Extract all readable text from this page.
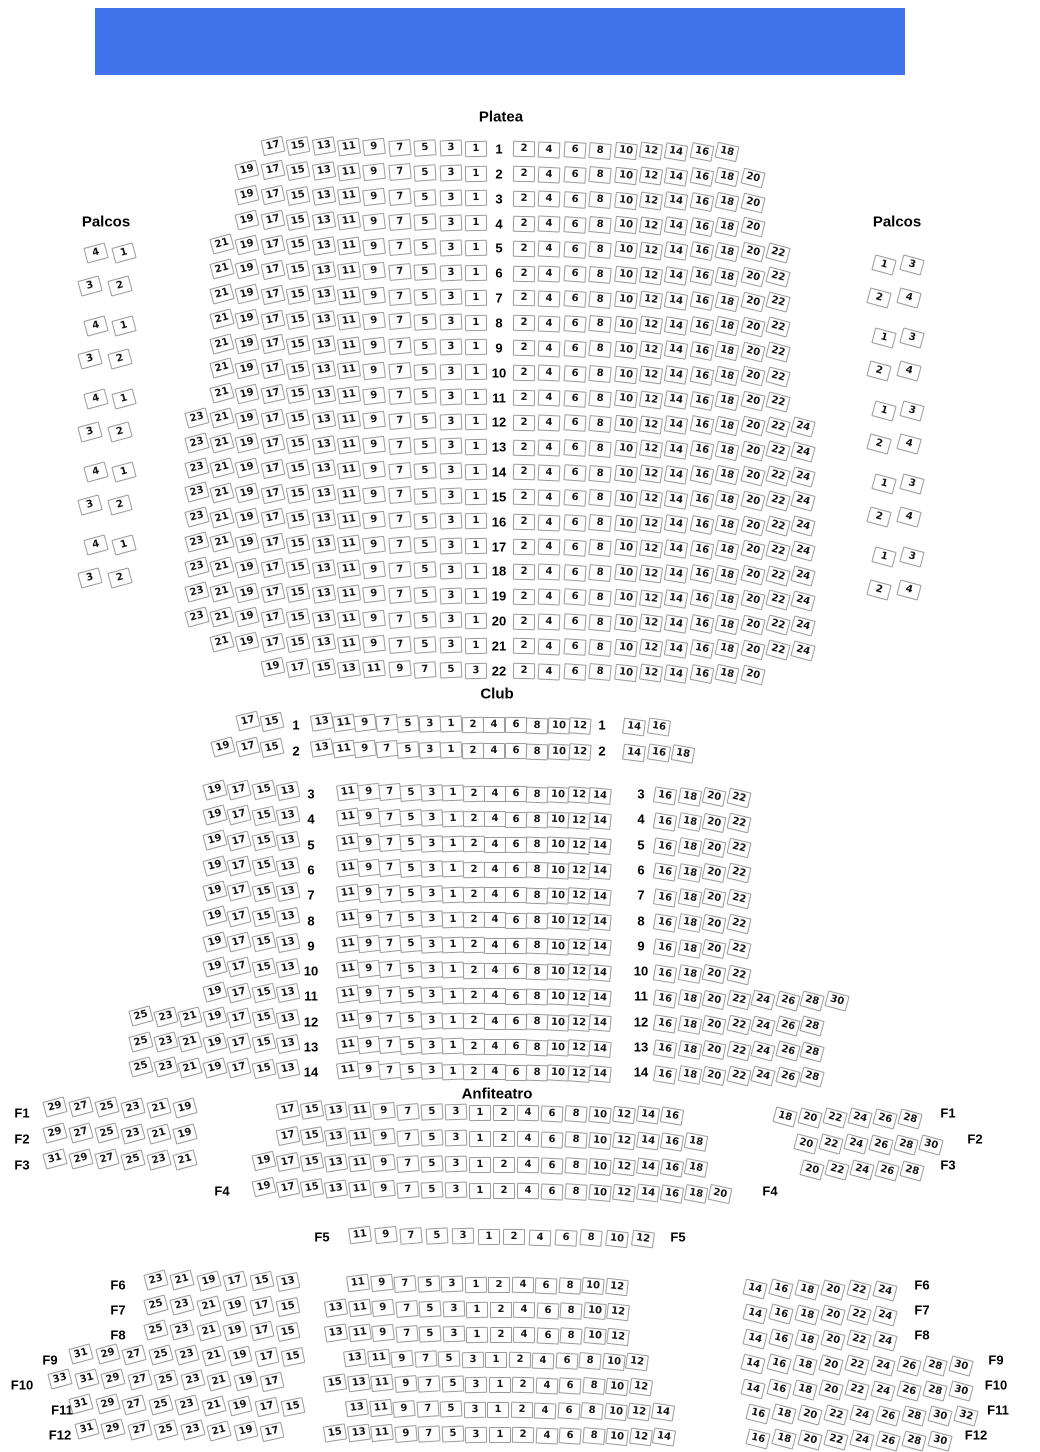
Platea
Palcos	Palcos
Club
Anfiteatro
17 15 13 11	9	7	5	3	1	2	4	6	8	10	12 14 16 18
1
19 17 15 13 11	9	7	5	3	1	2	4	6	8	10	12 14 16 18 20
2
19 17 15 13 11	9	7	5	3	1	2	4	6	8	10	12 14 16 18 20
3
19 17 15 13 11	9	7	5	3	1	2	4	6	8	10	12 14 16 18 20
4
21 19 17 15 13 11	9	7	5	3	1	2	4	6	8	10	12 14 16 18 20 22
5
21 19 17 15 13 11	9	7	5	3	1	2	4	6	8	10	12 14 16 18 20 22
6
21 19 17 15 13 11	9	7	5	3	1	2	4	6	8	10	12 14 16 18 20 22
7
21 19 17 15 13 11	9	7	5	3	1	2	4	6	8	10	12 14 16 18 20 22
8
21 19 17 15 13 11	9	7	5	3	1	2	4	6	8	10	12 14 16 18 20 22
9
21 19 17 15 13 11	9	7	5	3	1	2	4	6	8	10	12 14 16 18 20 22
10
21 19 17 15 13 11	9	7	5	3	1	2	4	6	8	10	12 14 16 18 20 22
11
23 21 19 17 15 13 11	9	7	5	3	1	2	4	6	8	10	12 14 16 18 20 22 24
12
23 21 19 17 15 13 11	9	7	5	3	1	2	4	6	8	10	12 14 16 18 20 22 24
13
23 21 19 17 15 13 11	9	7	5	3	1	2	4	6	8	10	12 14 16 18 20 22 24
14
23 21 19 17 15 13 11	9	7	5	3	1	2	4	6	8	10	12 14 16 18 20 22 24
15
23 21 19 17 15 13 11	9	7	5	3	1	2	4	6	8	10	12 14 16 18 20 22 24
16
23 21 19 17 15 13 11	9	7	5	3	1	2	4	6	8	10	12 14 16 18 20 22 24
17
23 21 19 17 15 13 11	9	7	5	3	1	2	4	6	8	10	12 14 16 18 20 22 24
18
23 21 19 17 15 13 11	9	7	5	3	1	2	4	6	8	10	12 14 16 18 20 22 24
19
23 21 19 17 15 13 11	9	7	5	3	1	2	4	6	8	10	12 14 16 18 20 22 24
20
21 19 17 15 13 11	9	7	5	3	1	2	4	6	8	10	12 14 16 18 20 22 24
21
19 17 15 13	11	9	7	5	3	2	4	6	8	10	12 14 16 18 20
22
4	1
3	2
4	1
3	2
4	1
3	2
4	1
3	2
4	1
3	2
1	3
2	4
1	3
2	4
1	3
2	4
1	3
2	4
1	3
2	4
17 15	13 11 9	7	5	3	1	2	4	6	8	10 12	14 16
1	1
19 17 15	13 11 9	7	5	3	1	2	4	6	8	10 12	14 16 18
2	2
19 17 15 13	11 9	7	5	3	1	2	4	6	8	10 12 14	16 18 20 22
3	3
19 17 15 13	11 9	7	5	3	1	2	4	6	8	10 12 14	16 18 20 22
4	4
19 17 15 13	11 9	7	5	3	1	2	4	6	8	10 12 14	16 18 20 22
5	5
19 17 15 13	11 9	7	5	3	1	2	4	6	8	10 12 14	16 18 20 22
6	6
19 17 15 13	11 9	7	5	3	1	2	4	6	8	10 12 14	16 18 20 22
7	7
19 17 15 13	11 9	7	5	3	1	2	4	6	8	10 12 14	16 18 20 22
8	8
19 17 15 13	11 9	7	5	3	1	2	4	6	8	10 12 14	16 18 20 22
9	9
19 17 15 13	11 9	7	5	3	1	2	4	6	8	10 12 14	16 18 20 22
10	10
19 17 15 13	11 9	7	5	3	1	2	4	6	8	10 12 14	16 18 20 22 24 26 28 30
11	11
25 23 21 19 17 15 13	11 9	7	5	3	1	2	4	6	8	10 12 14	16 18 20 22 24 26 28
12	12
25 23 21 19 17 15 13	11 9	7	5	3	1	2	4	6	8	10 12 14	16 18 20 22 24 26 28
13	13
25 23 21 19 17 15 13	11 9	7	5	3	1	2	4	6	8	10 12 14	16 18 20 22 24 26 28
14	14
29 27 25 23 21 19	17 15 13 11	9	7	5	3	1	2	4	6	8	10 12 14 16	18 20 22 24 26 28
F1	F1
29 27 25 23 21 19	17 15 13 11	9	7	5	3	1	2	4	6	8	10 12 14 16 18	20 22 24 26 28 30
F2	F2
31 29 27 25 23 21	19 17 15 13 11	9	7	5	3	1	2	4	6	8	10 12 14 16 18	20 22 24 26 28
F3	F3
19 17 15 13 11	9	7	5	3	1	2	4	6	8	10 12 14 16 18 20
F4	F4
11	9	7	5	3	1	2	4	6	8	10	12
F5	F5
23	21	19	17	15	13	11	9	7	5	3	1	2	4	6	8	10 12	14 16 18 20 22 24
F6	F6
25	23	21	19	17	15	13 11	9	7	5	3	1	2	4	6	8	10 12	14 16 18 20 22 24
F7	F7
25	23	21	19	17	15	13 11	9	7	5	3	1	2	4	6	8	10 12	14 16 18 20 22 24
F8	F8
31	29	27	25	23	21	19	17	15	13 11	9	7	5	3	1	2	4	6	8	10 12	14 16 18 20 22 24 26 28 30
F9	F9
33	31	29	27	25	23	21	19	17	15 13 11	9	7	5	3	1	2	4	6	8	10 12	14 16 18 20 22 24 26 28 30
F10	F10
31	29	27	25	23	21	19	17	15	13 11	9	7	5	3	1	2	4	6	8	10 12 14	16 18 20 22 24 26 28 30 32
F11	F11
31	29	27	25	23	21	19	17	15 13 11	9	7	5	3	1	2	4	6	8	10 12 14	16 18 20 22 24 26 28 30
F12	F12
